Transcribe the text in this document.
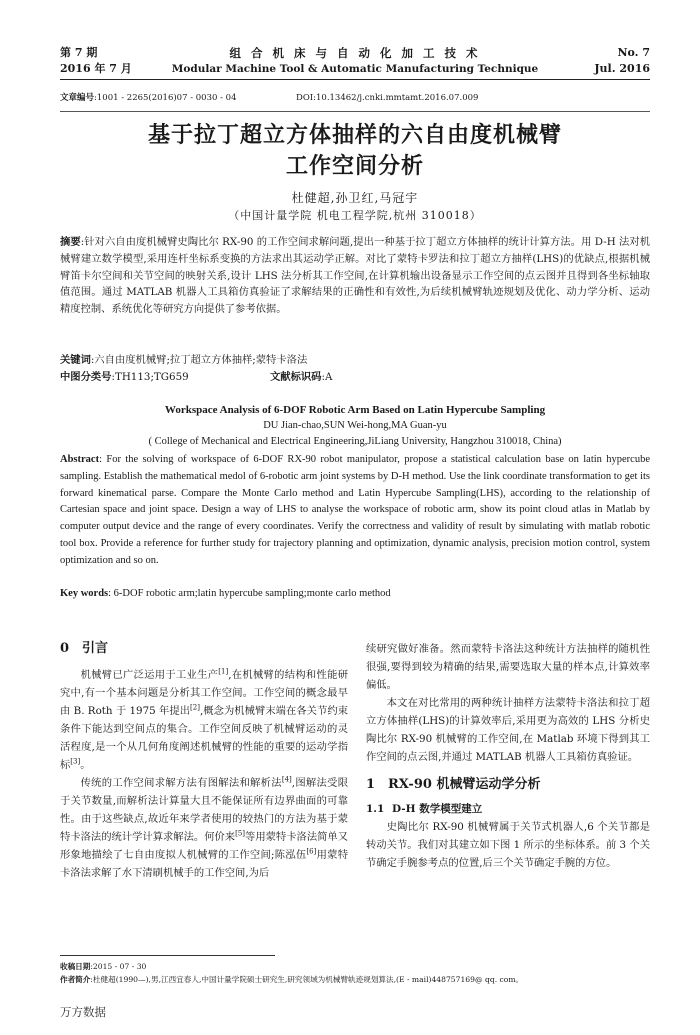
第 7 期	组 合 机 床 与 自 动 化 加 工 技 术	No. 7
2016 年 7 月	Modular Machine Tool & Automatic Manufacturing Technique	Jul. 2016
文章编号:1001 - 2265(2016)07 - 0030 - 04	DOI:10.13462/j.cnki.mmtamt.2016.07.009
基于拉丁超立方体抽样的六自由度机械臂
工作空间分析
杜健超,孙卫红,马冠宇
（中国计量学院 机电工程学院,杭州 310018）
摘要:针对六自由度机械臂史陶比尔 RX-90 的工作空间求解问题,提出一种基于拉丁超立方体抽样的统计计算方法。用 D-H 法对机械臂建立数学模型,采用连杆坐标系变换的方法求出其运动学正解。对比了蒙特卡罗法和拉丁超立方抽样(LHS)的优缺点,根据机械臂笛卡尔空间和关节空间的映射关系,设计 LHS 法分析其工作空间,在计算机输出设备显示工作空间的点云图并且得到各坐标轴取值范围。通过 MATLAB 机器人工具箱仿真验证了求解结果的正确性和有效性,为后续机械臂轨迹规划及优化、动力学分析、运动精度控制、系统优化等研究方向提供了参考依据。
关键词:六自由度机械臂;拉丁超立方体抽样;蒙特卡洛法
中图分类号:TH113;TG659	文献标识码:A
Workspace Analysis of 6-DOF Robotic Arm Based on Latin Hypercube Sampling
DU Jian-chao,SUN Wei-hong,MA Guan-yu
( College of Mechanical and Electrical Engineering,JiLiang University, Hangzhou 310018, China)
Abstract: For the solving of workspace of 6-DOF RX-90 robot manipulator, propose a statistical calculation base on latin hypercube sampling. Establish the mathematical medol of 6-robotic arm joint systems by D-H method. Use the link coordinate transformation to get its forward kinematical parse. Compare the Monte Carlo method and Latin Hypercube Sampling(LHS), according to the relationship of Cartesian space and joint space. Design a way of LHS to analyse the workspace of robotic arm, show its point cloud atlas in Matlab by computer output device and the range of every coordinates. Verify the correctness and validity of result by simulating with matlab robotic tool box. Provide a reference for further study for trajectory planning and optimization, dynamic analysis, precision motion control, system optimization and so on.
Key words: 6-DOF robotic arm;latin hypercube sampling;monte carlo method
0 引言

机械臂已广泛运用于工业生产[1],在机械臂的结构和性能研究中,有一个基本问题是分析其工作空间。工作空间的概念最早由 B. Roth 于 1975 年提出[2],概念为机械臂末端在各关节约束条件下能达到空间点的集合。工作空间反映了机械臂运动的灵活程度,是一个从几何角度阐述机械臂的性能的重要的运动学指标[3]。

传统的工作空间求解方法有图解法和解析法[4],图解法受限于关节数量,而解析法计算量大且不能保证所有边界曲面的可靠性。由于这些缺点,故近年来学者使用的较热门的方法为基于蒙特卡洛法的统计学计算求解法。何价来[5]等用蒙特卡洛法简单又形象地描绘了七自由度拟人机械臂的工作空间;陈泓伍[6]用蒙特卡洛法求解了水下清刷机械手的工作空间,为后

续研究做好准备。然而蒙特卡洛法这种统计方法抽样的随机性很强,要得到较为精确的结果,需要选取大量的样本点,计算效率偏低。

本文在对比常用的两种统计抽样方法蒙特卡洛法和拉丁超立方体抽样(LHS)的计算效率后,采用更为高效的 LHS 分析史陶比尔 RX-90 机械臂的工作空间,在 Matlab 环境下得到其工作空间的点云图,并通过 MATLAB 机器人工具箱仿真验证。

1 RX-90 机械臂运动学分析
1.1 D-H 数学模型建立

史陶比尔 RX-90 机械臂属于关节式机器人,6 个关节都是转动关节。我们对其建立如下图 1 所示的坐标体系。前 3 个关节确定手腕参考点的位置,后三个关节确定手腕的方位。

收稿日期:2015 - 07 - 30
作者简介:杜健超(1990—),男,江西宜春人,中国计量学院硕士研究生,研究领域为机械臂轨迹规划算法,(E - mail)448757169@ qq. com。
万方数据
